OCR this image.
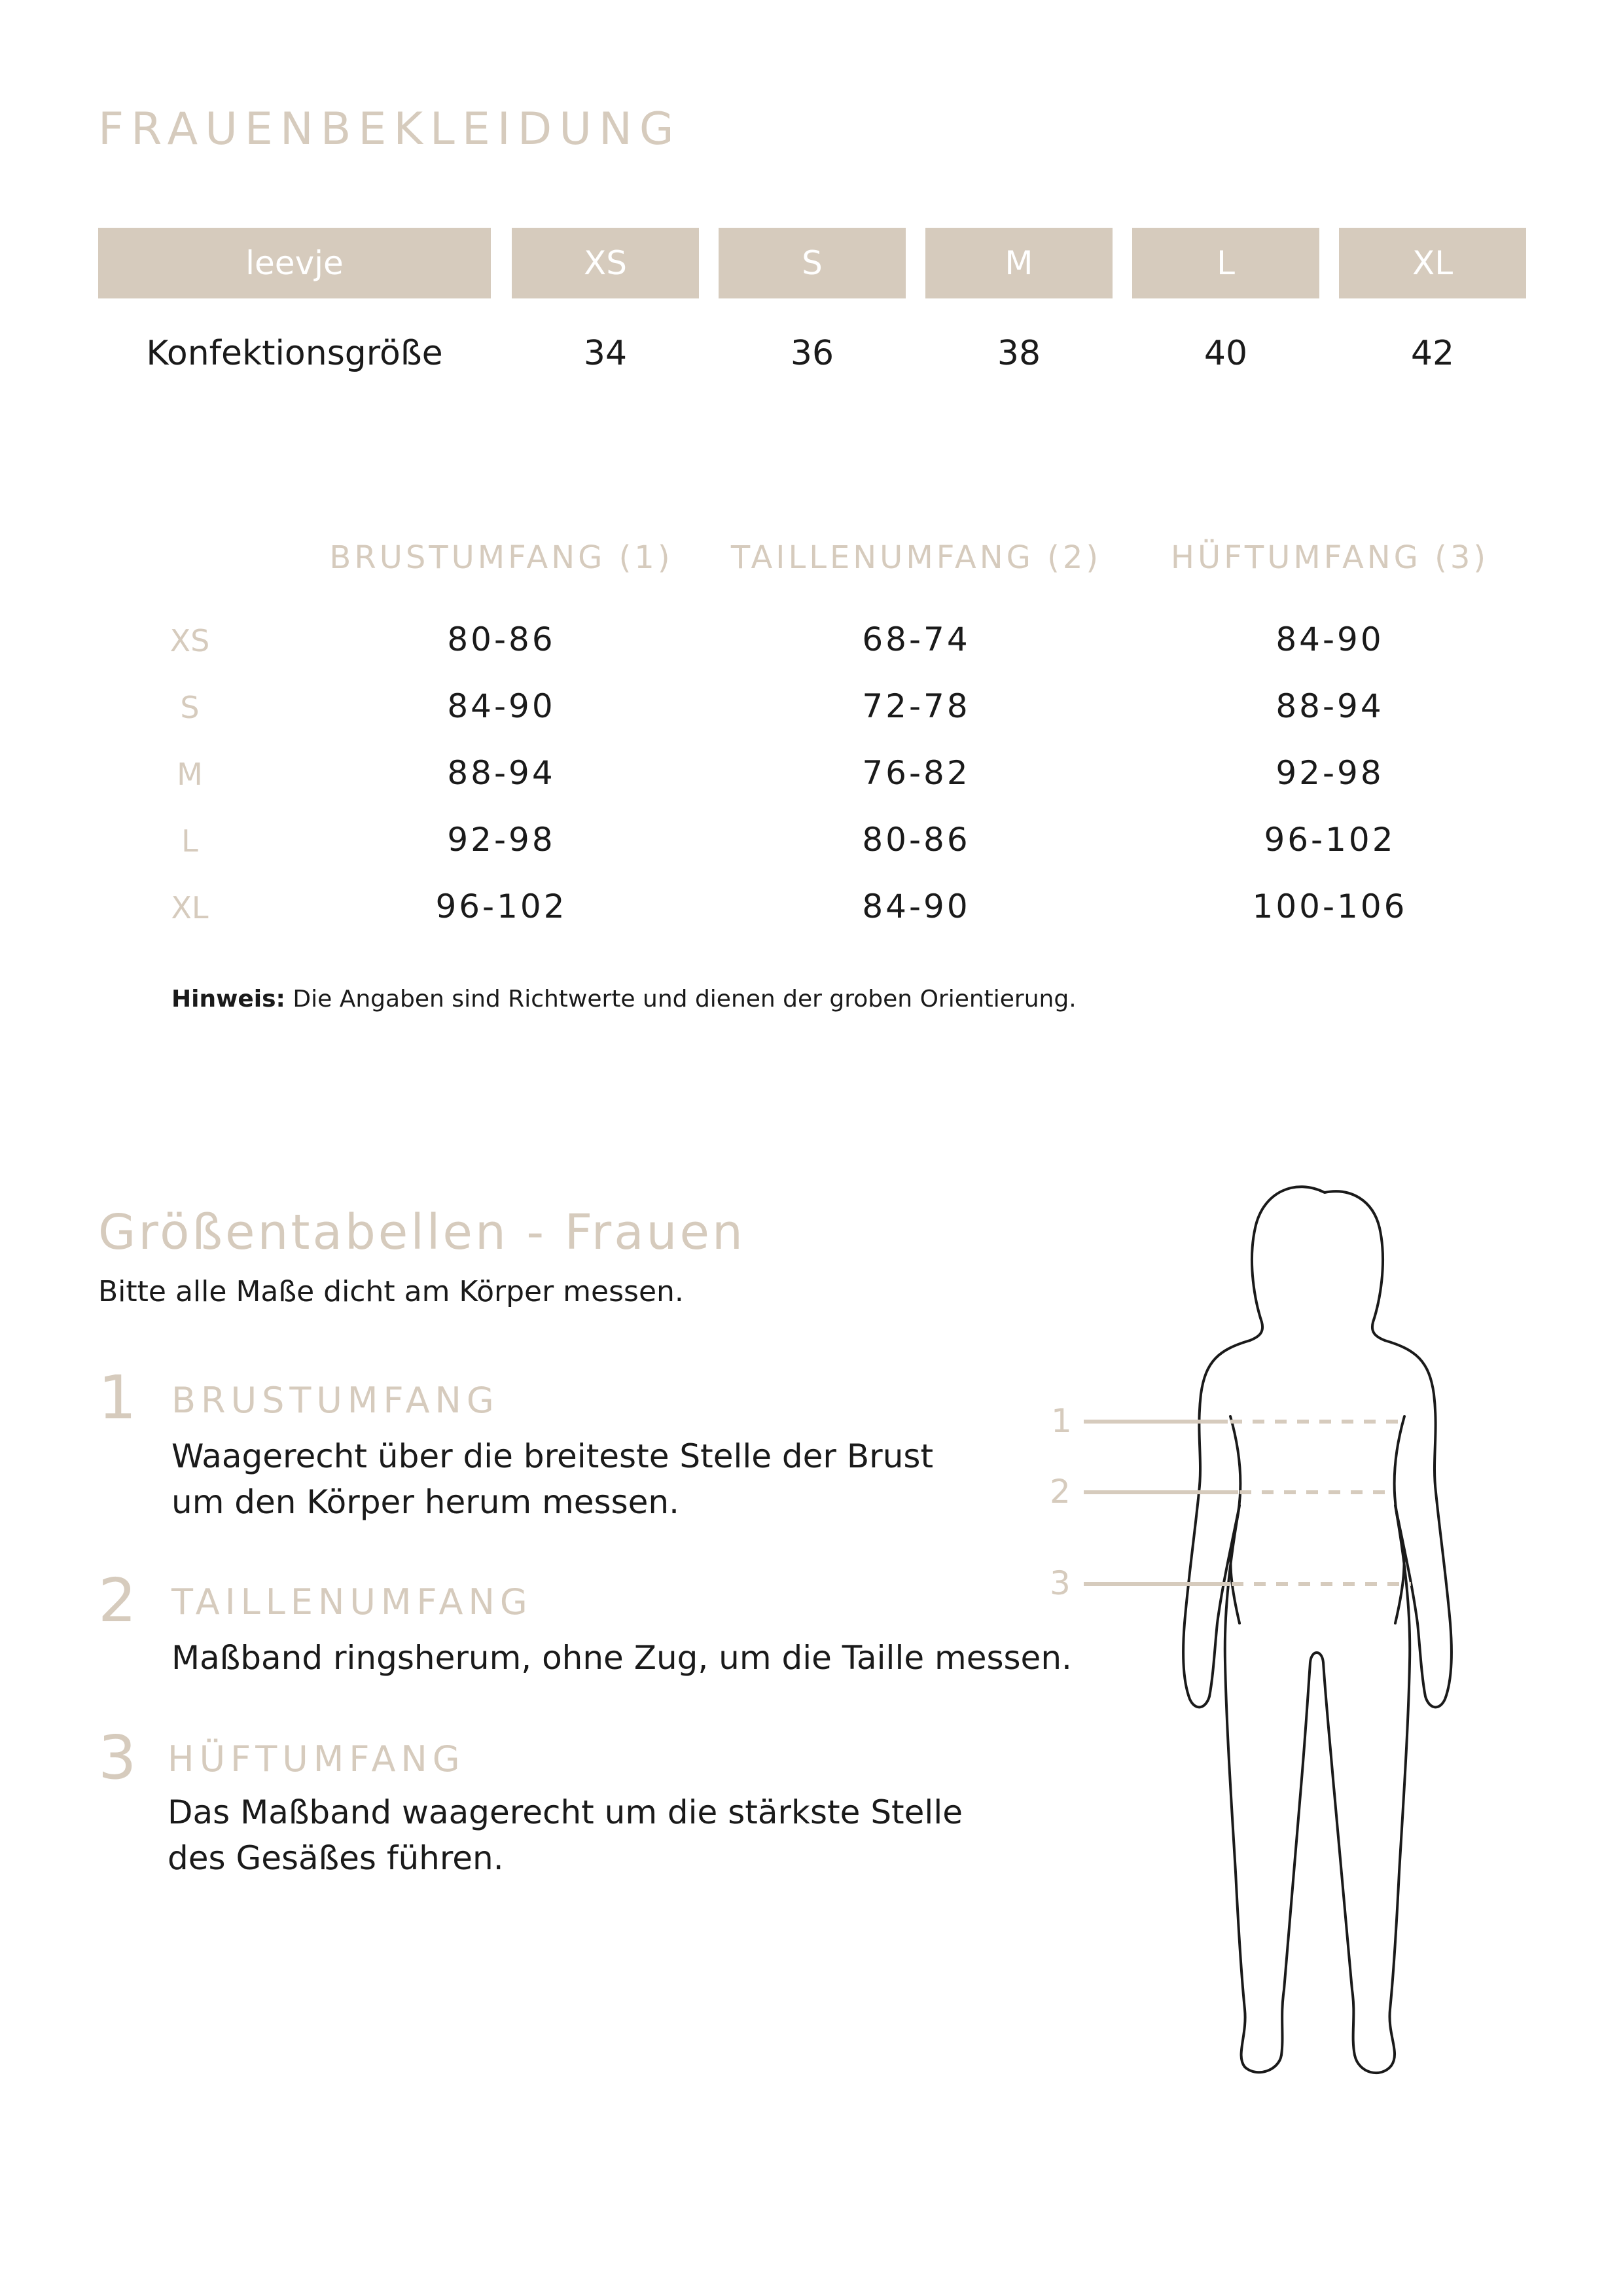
FRAUENBEKLEIDUNG
leevje	XS	S	M	L	XL
Konfektionsgröße	34	36	38	40	42
BRUSTUMFANG (1)	TAILLENUMFANG (2)	HÜFTUMFANG (3)
XS	80-86	68-74	84-90
S	84-90	72-78	88-94
M	88-94	76-82	92-98
L	92-98	80-86	96-102
XL	96-102	84-90	100-106
Hinweis: Die Angaben sind Richtwerte und dienen der groben Orientierung.
Größentabellen - Frauen
Bitte alle Maße dicht am Körper messen.
1 BRUSTUMFANG
Waagerecht über die breiteste Stelle der Brust
um den Körper herum messen.
2 TAILLENUMFANG
Maßband ringsherum, ohne Zug, um die Taille messen.
3 HÜFTUMFANG
Das Maßband waagerecht um die stärkste Stelle
des Gesäßes führen.
1
2
3
